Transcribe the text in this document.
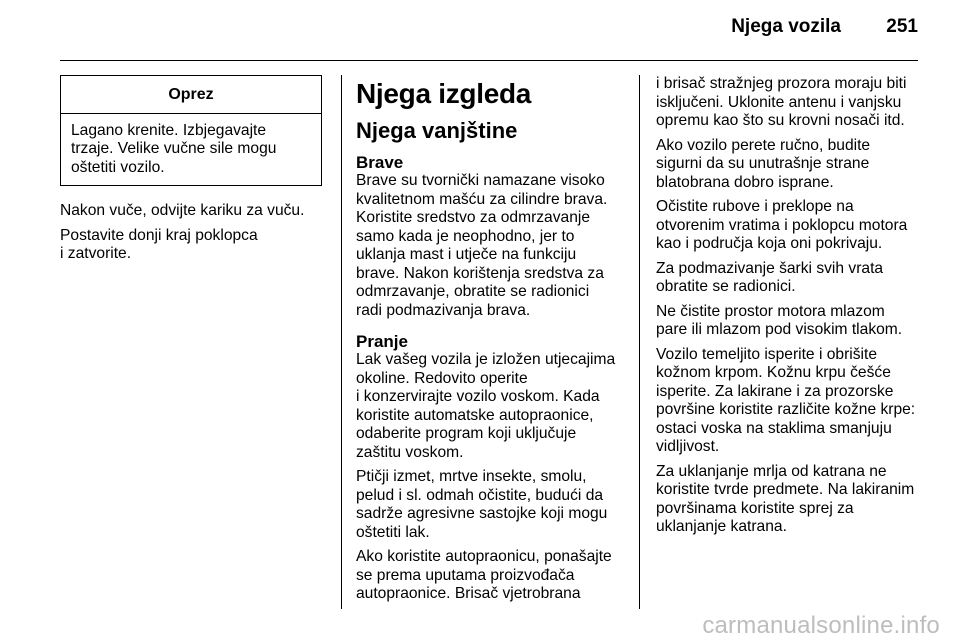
Njega vozila 251
Oprez
Lagano krenite. Izbjegavajte
trzaje. Velike vučne sile mogu
oštetiti vozilo.

Nakon vuče, odvijte kariku za vuču.

Postavite donji kraj poklopca
i zatvorite.

Njega izgleda
Njega vanjštine
Brave

Brave su tvornički namazane visoko
kvalitetnom mašću za cilindre brava.
Koristite sredstvo za odmrzavanje
samo kada je neophodno, jer to
uklanja mast i utječe na funkciju
brave. Nakon korištenja sredstva za
odmrzavanje, obratite se radionici
radi podmazivanja brava.

Pranje

Lak vašeg vozila je izložen utjecajima
okoline. Redovito operite
i konzervirajte vozilo voskom. Kada
koristite automatske autopraonice,
odaberite program koji uključuje
zaštitu voskom.

Ptičji izmet, mrtve insekte, smolu,
pelud i sl. odmah očistite, budući da
sadrže agresivne sastojke koji mogu
oštetiti lak.

Ako koristite autopraonicu, ponašajte
se prema uputama proizvođača
autopraonice. Brisač vjetrobrana

i brisač stražnjeg prozora moraju biti
isključeni. Uklonite antenu i vanjsku
opremu kao što su krovni nosači itd.

Ako vozilo perete ručno, budite
sigurni da su unutrašnje strane
blatobrana dobro isprane.

Očistite rubove i preklope na
otvorenim vratima i poklopcu motora
kao i područja koja oni pokrivaju.

Za podmazivanje šarki svih vrata
obratite se radionici.

Ne čistite prostor motora mlazom
pare ili mlazom pod visokim tlakom.

Vozilo temeljito isperite i obrišite
kožnom krpom. Kožnu krpu češće
isperite. Za lakirane i za prozorske
površine koristite različite kožne krpe:
ostaci voska na staklima smanjuju
vidljivost.

Za uklanjanje mrlja od katrana ne
koristite tvrde predmete. Na lakiranim
površinama koristite sprej za
uklanjanje katrana.

carmanualsonline.info
